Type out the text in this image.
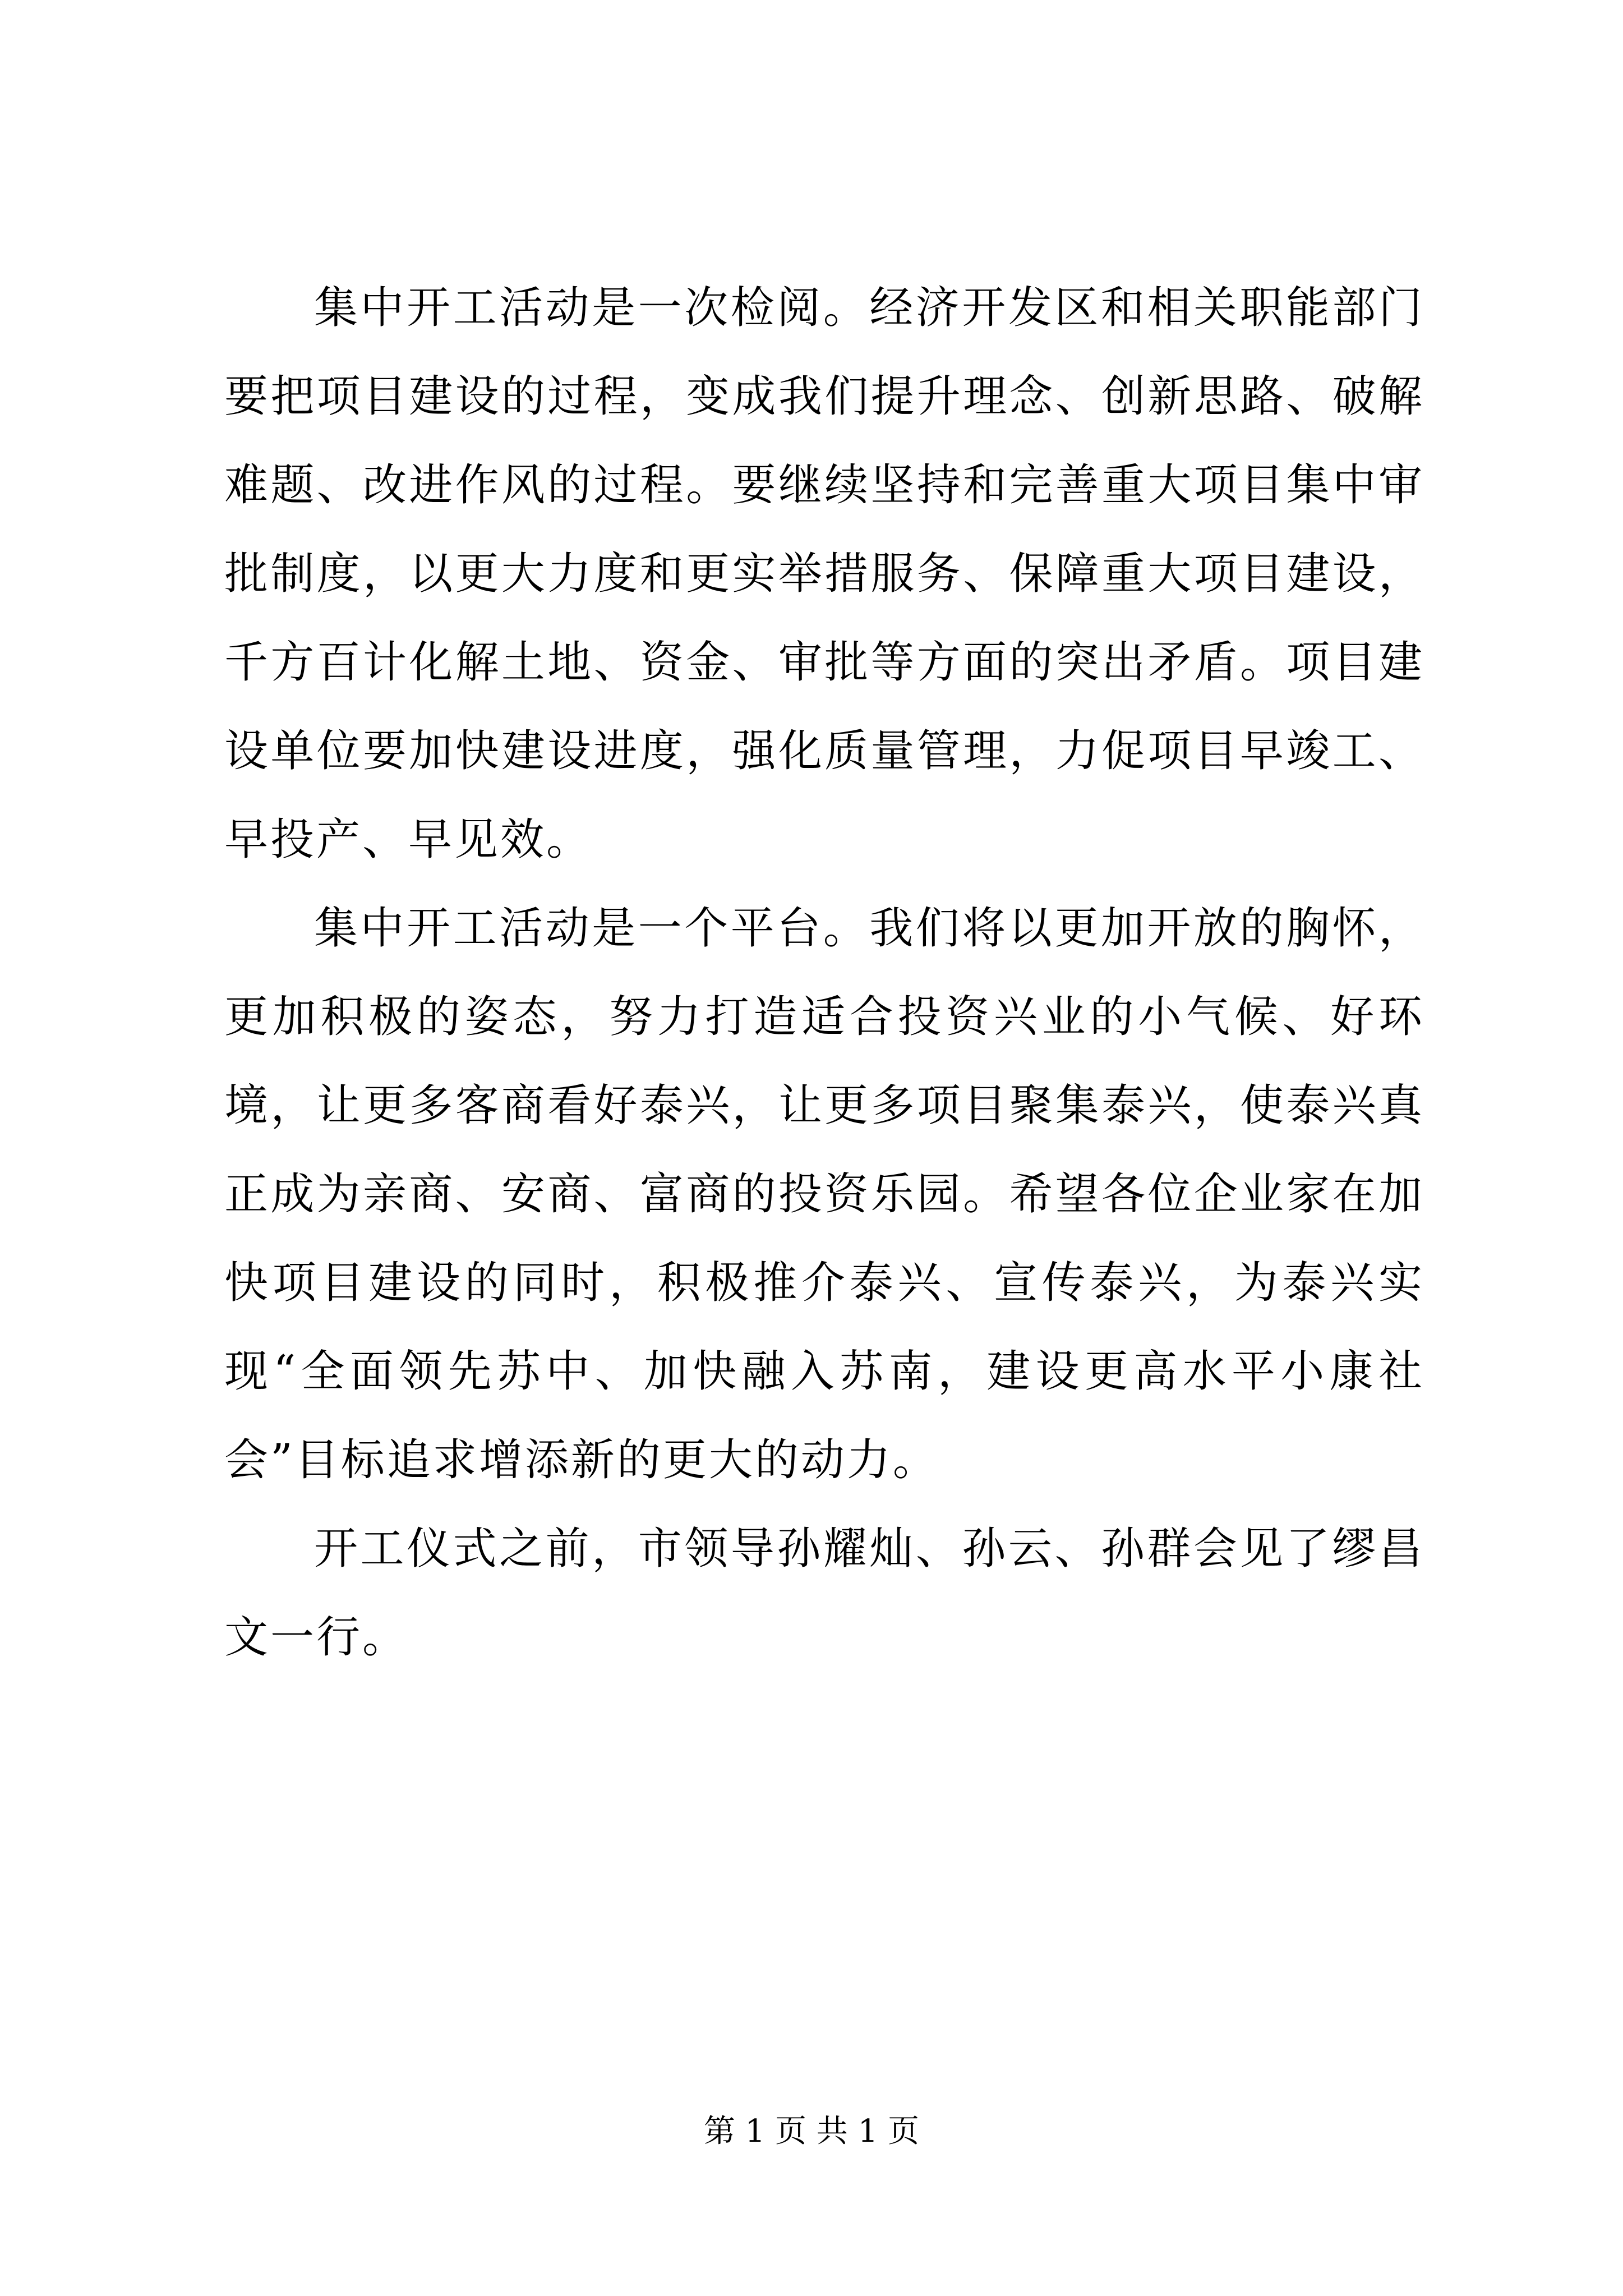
集中开工活动是一次检阅。经济开发区和相关职能部门要把项目建设的过程，变成我们提升理念、创新思路、破解难题、改进作风的过程。要继续坚持和完善重大项目集中审批制度，以更大力度和更实举措服务、保障重大项目建设，千方百计化解土地、资金、审批等方面的突出矛盾。项目建设单位要加快建设进度，强化质量管理，力促项目早竣工、早投产、早见效。

集中开工活动是一个平台。我们将以更加开放的胸怀，更加积极的姿态，努力打造适合投资兴业的小气候、好环境，让更多客商看好泰兴，让更多项目聚集泰兴，使泰兴真正成为亲商、安商、富商的投资乐园。希望各位企业家在加快项目建设的同时，积极推介泰兴、宣传泰兴，为泰兴实现“全面领先苏中、加快融入苏南，建设更高水平小康社会”目标追求增添新的更大的动力。

开工仪式之前，市领导孙耀灿、孙云、孙群会见了缪昌文一行。

第 1 页 共 1 页
